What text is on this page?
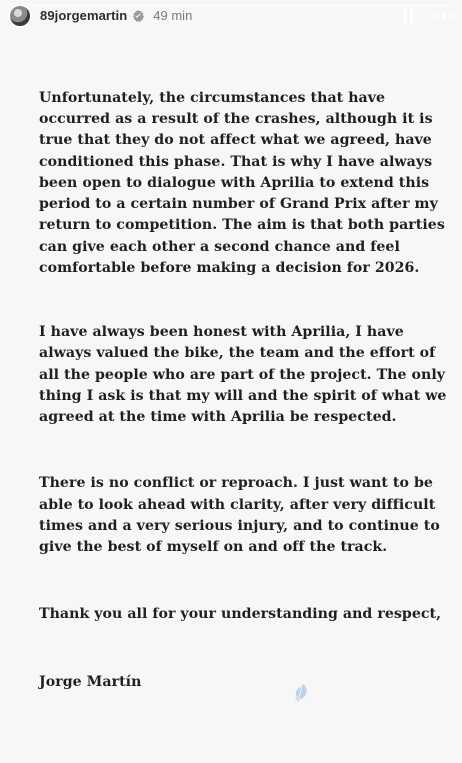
89jorgemartin 49 min

Unfortunately, the circumstances that have occurred as a result of the crashes, although it is true that they do not affect what we agreed, have conditioned this phase. That is why I have always been open to dialogue with Aprilia to extend this period to a certain number of Grand Prix after my return to competition. The aim is that both parties can give each other a second chance and feel comfortable before making a decision for 2026.

I have always been honest with Aprilia, I have always valued the bike, the team and the effort of all the people who are part of the project. The only thing I ask is that my will and the spirit of what we agreed at the time with Aprilia be respected.

There is no conflict or reproach. I just want to be able to look ahead with clarity, after very difficult times and a very serious injury, and to continue to give the best of myself on and off the track.

Thank you all for your understanding and respect,

Jorge Martín
